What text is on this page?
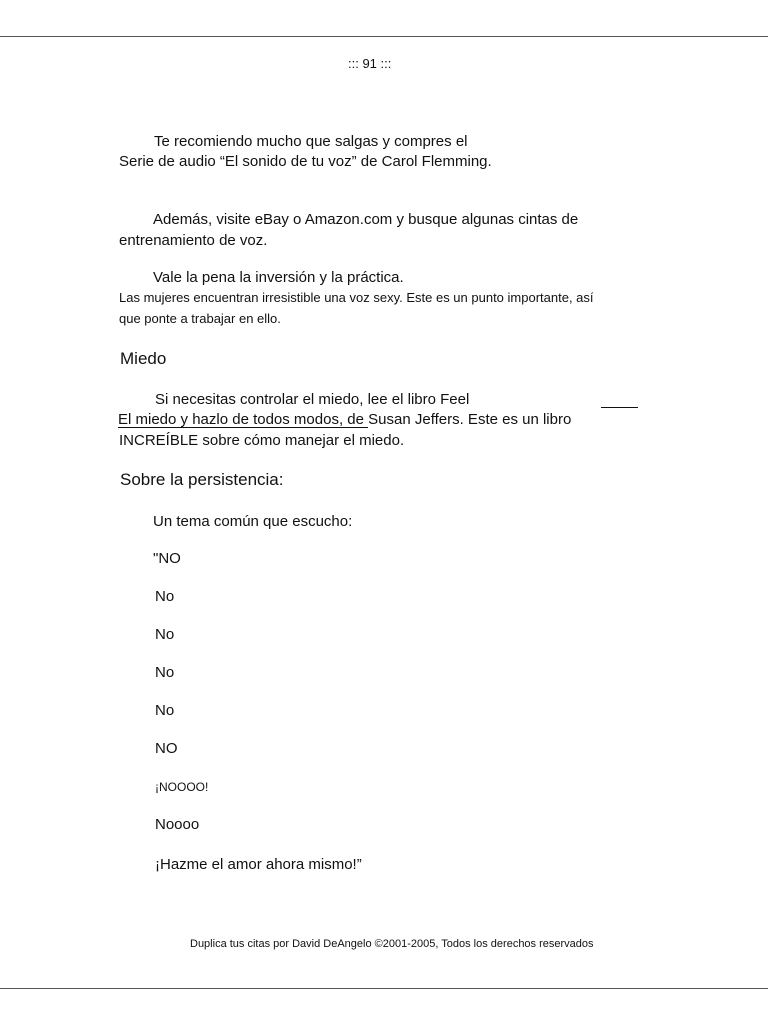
::: 91 :::
Te recomiendo mucho que salgas y compres el
Serie de audio “El sonido de tu voz” de Carol Flemming.
Además, visite eBay o Amazon.com y busque algunas cintas de
entrenamiento de voz.
Vale la pena la inversión y la práctica.
Las mujeres encuentran irresistible una voz sexy. Este es un punto importante, así
que ponte a trabajar en ello.
Miedo
Si necesitas controlar el miedo, lee el libro Feel
El miedo y hazlo de todos modos, de Susan Jeffers. Este es un libro
INCREÍBLE sobre cómo manejar el miedo.
Sobre la persistencia:
Un tema común que escucho:
"NO
No
No
No
No
NO
¡NOOOO!
Noooo
¡Hazme el amor ahora mismo!”
Duplica tus citas por David DeAngelo ©2001-2005, Todos los derechos reservados
